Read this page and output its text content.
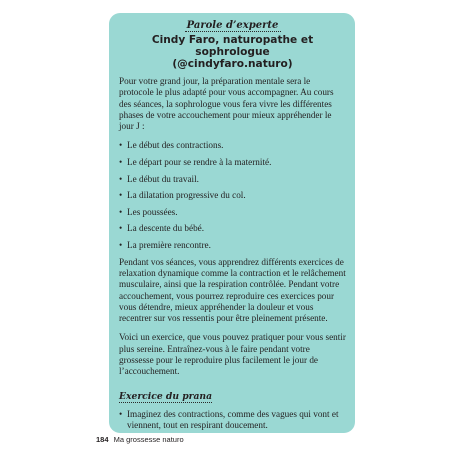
Parole d’experte
Cindy Faro, naturopathe et sophrologue
(@cindyfaro.naturo)

Pour votre grand jour, la préparation mentale sera le protocole le plus adapté pour vous accompagner. Au cours des séances, la sophrologue vous fera vivre les différentes phases de votre accouchement pour mieux appréhender le jour J :

• Le début des contractions.
• Le départ pour se rendre à la maternité.
• Le début du travail.
• La dilatation progressive du col.
• Les poussées.
• La descente du bébé.
• La première rencontre.

Pendant vos séances, vous apprendrez différents exercices de relaxation dynamique comme la contraction et le relâchement musculaire, ainsi que la respiration contrôlée. Pendant votre accouchement, vous pourrez reproduire ces exercices pour vous détendre, mieux appréhender la douleur et vous recentrer sur vos ressentis pour être pleinement présente.

Voici un exercice, que vous pouvez pratiquer pour vous sentir plus sereine. Entraînez-vous à le faire pendant votre grossesse pour le reproduire plus facilement le jour de l’accouchement.

Exercice du prana
• Imaginez des contractions, comme des vagues qui vont et viennent, tout en respirant doucement.
184 Ma grossesse naturo
